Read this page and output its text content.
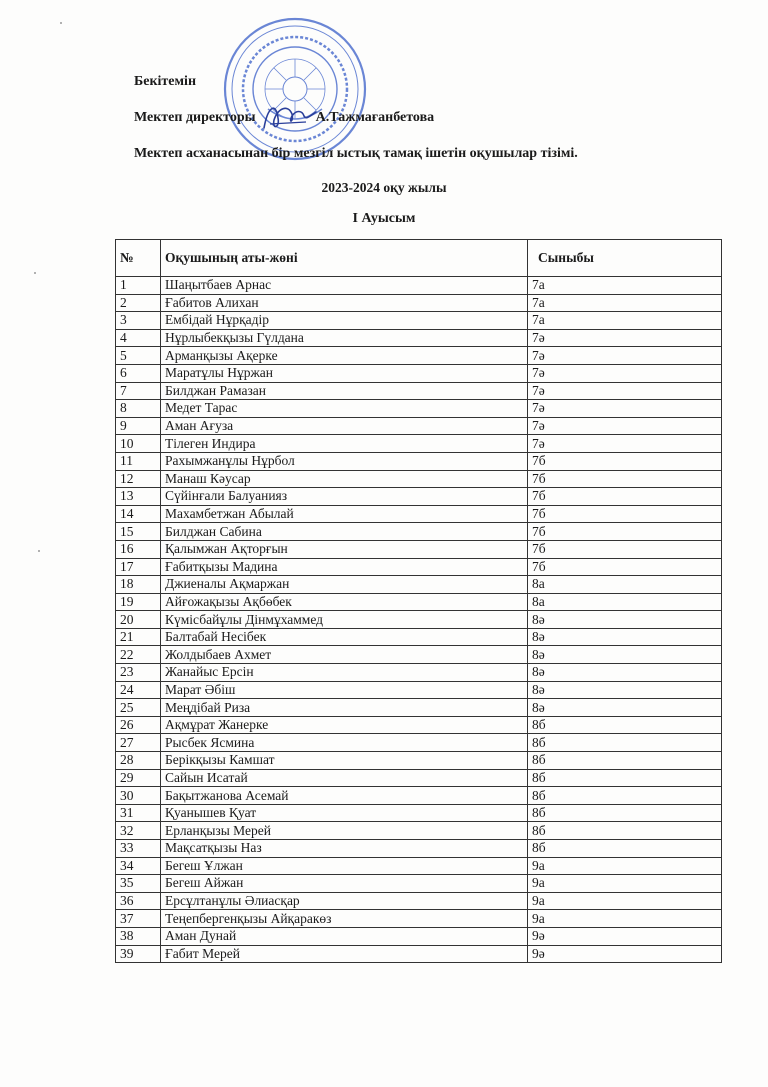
Бекітемін
Мектеп директоры	А.Тажмағанбетова
Мектеп асханасынан бір мезгіл ыстық тамақ ішетін оқушылар тізімі.
2023-2024 оқу жылы
I Ауысым
№	Оқушының аты-жөні	Сыныбы
1	Шаңытбаев Арнас	7а
2	Ғабитов Алихан	7а
3	Ембідай Нұрқадір	7а
4	Нұрлыбекқызы Гүлдана	7ә
5	Арманқызы Ақерке	7ә
6	Маратұлы Нұржан	7ә
7	Билджан Рамазан	7ә
8	Медет Тарас	7ә
9	Аман Ағуза	7ә
10	Тілеген Индира	7ә
11	Рахымжанұлы Нұрбол	7б
12	Манаш Кәусар	7б
13	Сүйінғали Балуанияз	7б
14	Махамбетжан Абылай	7б
15	Билджан Сабина	7б
16	Қалымжан Ақторғын	7б
17	Ғабитқызы Мадина	7б
18	Джиеналы Ақмаржан	8а
19	Айғожақызы Ақбөбек	8а
20	Күмісбайұлы Дінмұхаммед	8ә
21	Балтабай Несібек	8ә
22	Жолдыбаев Ахмет	8ә
23	Жанайыс Ерсін	8ә
24	Марат Әбіш	8ә
25	Меңдібай Риза	8ә
26	Ақмұрат Жанерке	8б
27	Рысбек Ясмина	8б
28	Берікқызы Камшат	8б
29	Сайын Исатай	8б
30	Бақытжанова Асемай	8б
31	Қуанышев Қуат	8б
32	Ерланқызы Мерей	8б
33	Мақсатқызы Наз	8б
34	Бегеш Ұлжан	9а
35	Бегеш Айжан	9а
36	Ерсұлтанұлы Әлиасқар	9а
37	Теңепбергенқызы Айқаракөз	9а
38	Аман Дунай	9ә
39	Ғабит Мерей	9ә
